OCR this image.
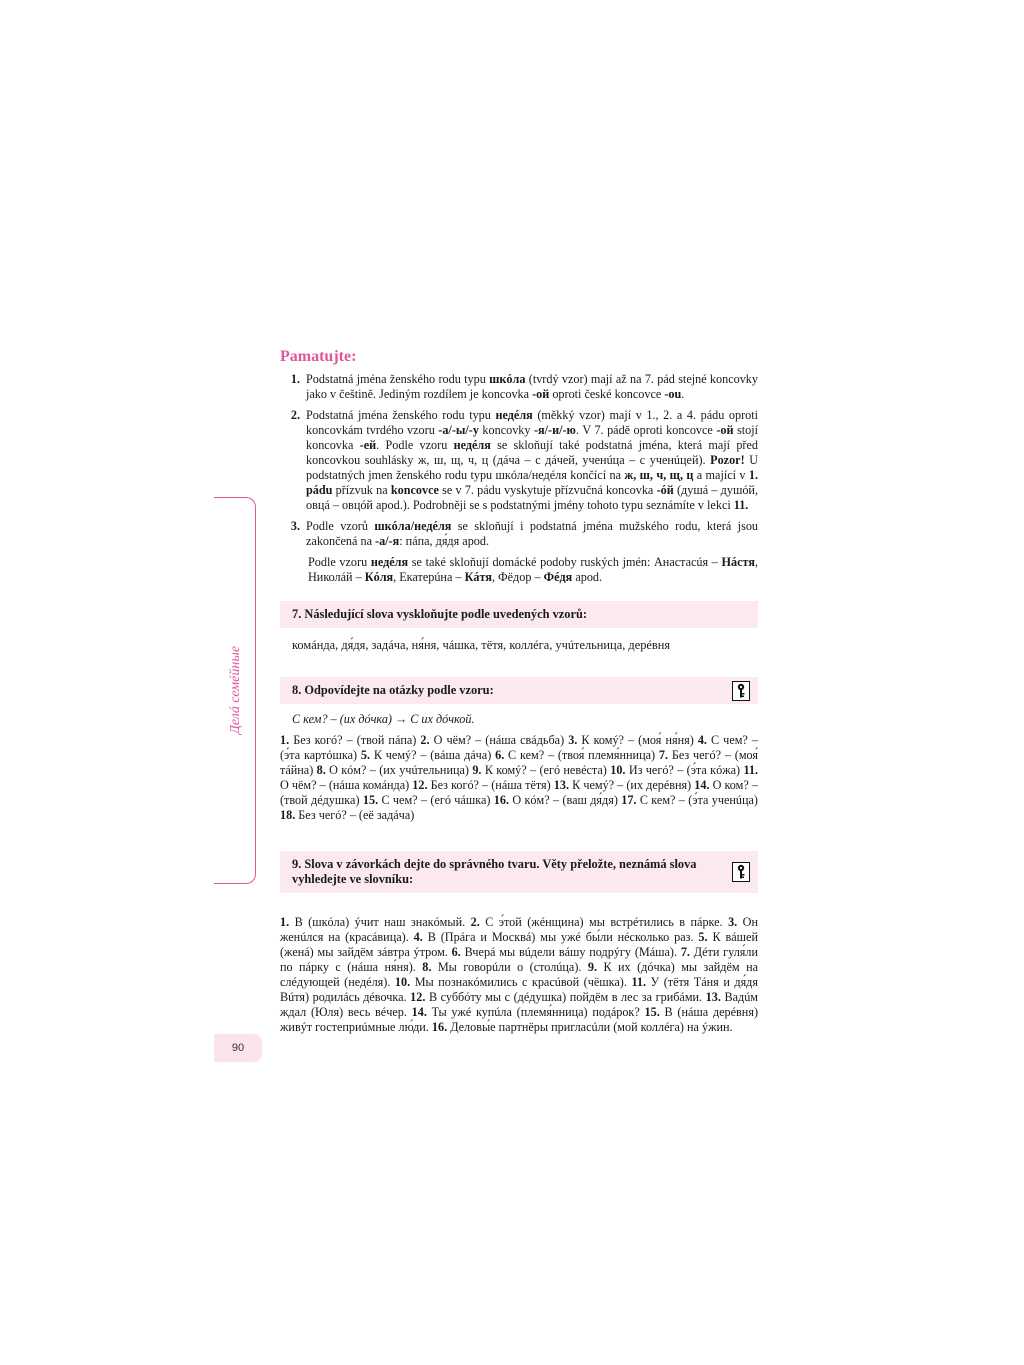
Делá семéйные
90
Pamatujte:
1. Podstatná jména ženského rodu typu шкóла (tvrdý vzor) mají až na 7. pád stejné koncovky jako v češtině. Jediným rozdílem je koncovka -ой oproti české koncovce -ou.
2. Podstatná jména ženského rodu typu недéля (měkký vzor) mají v 1., 2. a 4. pádu oproti koncovkám tvrdého vzoru -а/-ы/-у koncovky -я/-и/-ю. V 7. pádě oproti koncovce -ой stojí koncovka -ей. Podle vzoru недéля se skloňují také podstatná jména, která mají před koncovkou souhlásky ж, ш, щ, ч, ц (дáча – с дáчей, ученúца – с ученúцей). Pozor! U podstatných jmen ženského rodu typu шкóла/недéля končící na ж, ш, ч, щ, ц a mající v 1. pádu přízvuk na koncovce se v 7. pádu vyskytuje přízvučná koncovka -óй (душá – душóй, овцá – овцóй apod.). Podrobněji se s podstatnými jmény tohoto typu seznámíte v lekci 11.
3. Podle vzorů шкóла/недéля se skloňují i podstatná jména mužského rodu, která jsou zakončená na -а/-я: пáпа, дя́дя apod.
Podle vzoru недéля se také skloňují domácké podoby ruských jmén: Анастасúя – Нáстя, Николáй – Кóля, Екатерúна – Кáтя, Фёдор – Фéдя apod.
7. Následující slova vyskloňujte podle uvedených vzorů:
комáнда, дя́дя, задáча, ня́ня, чáшка, тётя, коллéга, учúтельница, дерéвня
8. Odpovídejte na otázky podle vzoru:
С кем? – (их дóчка) → С их дóчкой.
1. Без когó? – (твой пáпа) 2. О чём? – (нáша свáдьба) 3. К комý? – (моя́ ня́ня) 4. С чем? – (э́та картóшка) 5. К чемý? – (вáша дáча) 6. С кем? – (твоя́ племя́нница) 7. Без чегó? – (моя́ тáйна) 8. О кóм? – (их учúтельница) 9. К комý? – (егó невéста) 10. Из чегó? – (э́та кóжа) 11. О чём? – (нáша комáнда) 12. Без когó? – (нáша тётя) 13. К чемý? – (их дерéвня) 14. О ком? – (твой дéдушка) 15. С чем? – (егó чáшка) 16. О кóм? – (ваш дя́дя) 17. С кем? – (э́та ученúца) 18. Без чегó? – (её задáча)
9. Slova v závorkách dejte do správného tvaru. Věty přeložte, neznámá slova vyhledejte ve slovníku:
1. В (шкóла) ýчит наш знакóмый. 2. С э́той (жéнщина) мы встрéтились в пáрке. 3. Он женúлся на (красáвица). 4. В (Прáга и Москвá) мы ужé бы́ли нéсколько раз. 5. К вáшей (женá) мы зайдём зáвтра ýтром. 6. Вчерá мы вúдели вáшу подрýгу (Мáша). 7. Дéти гуля́ли по пáрку с (нáша ня́ня). 8. Мы говорúли о (столúца). 9. К их (дóчка) мы зайдём на слéдующей (недéля). 10. Мы познакóмились с красúвой (чёшка). 11. У (тётя Тáня и дя́дя Вúтя) родилáсь дéвочка. 12. В суббóту мы с (дéдушка) пойдём в лес за грибáми. 13. Вадúм ждал (Юля) весь вéчер. 14. Ты ужé купúла (племя́нница) подáрок? 15. В (нáша дерéвня) живýт гостеприúмные лю́ди. 16. Деловы́е партнёры пригласúли (мой коллéга) на ýжин.
